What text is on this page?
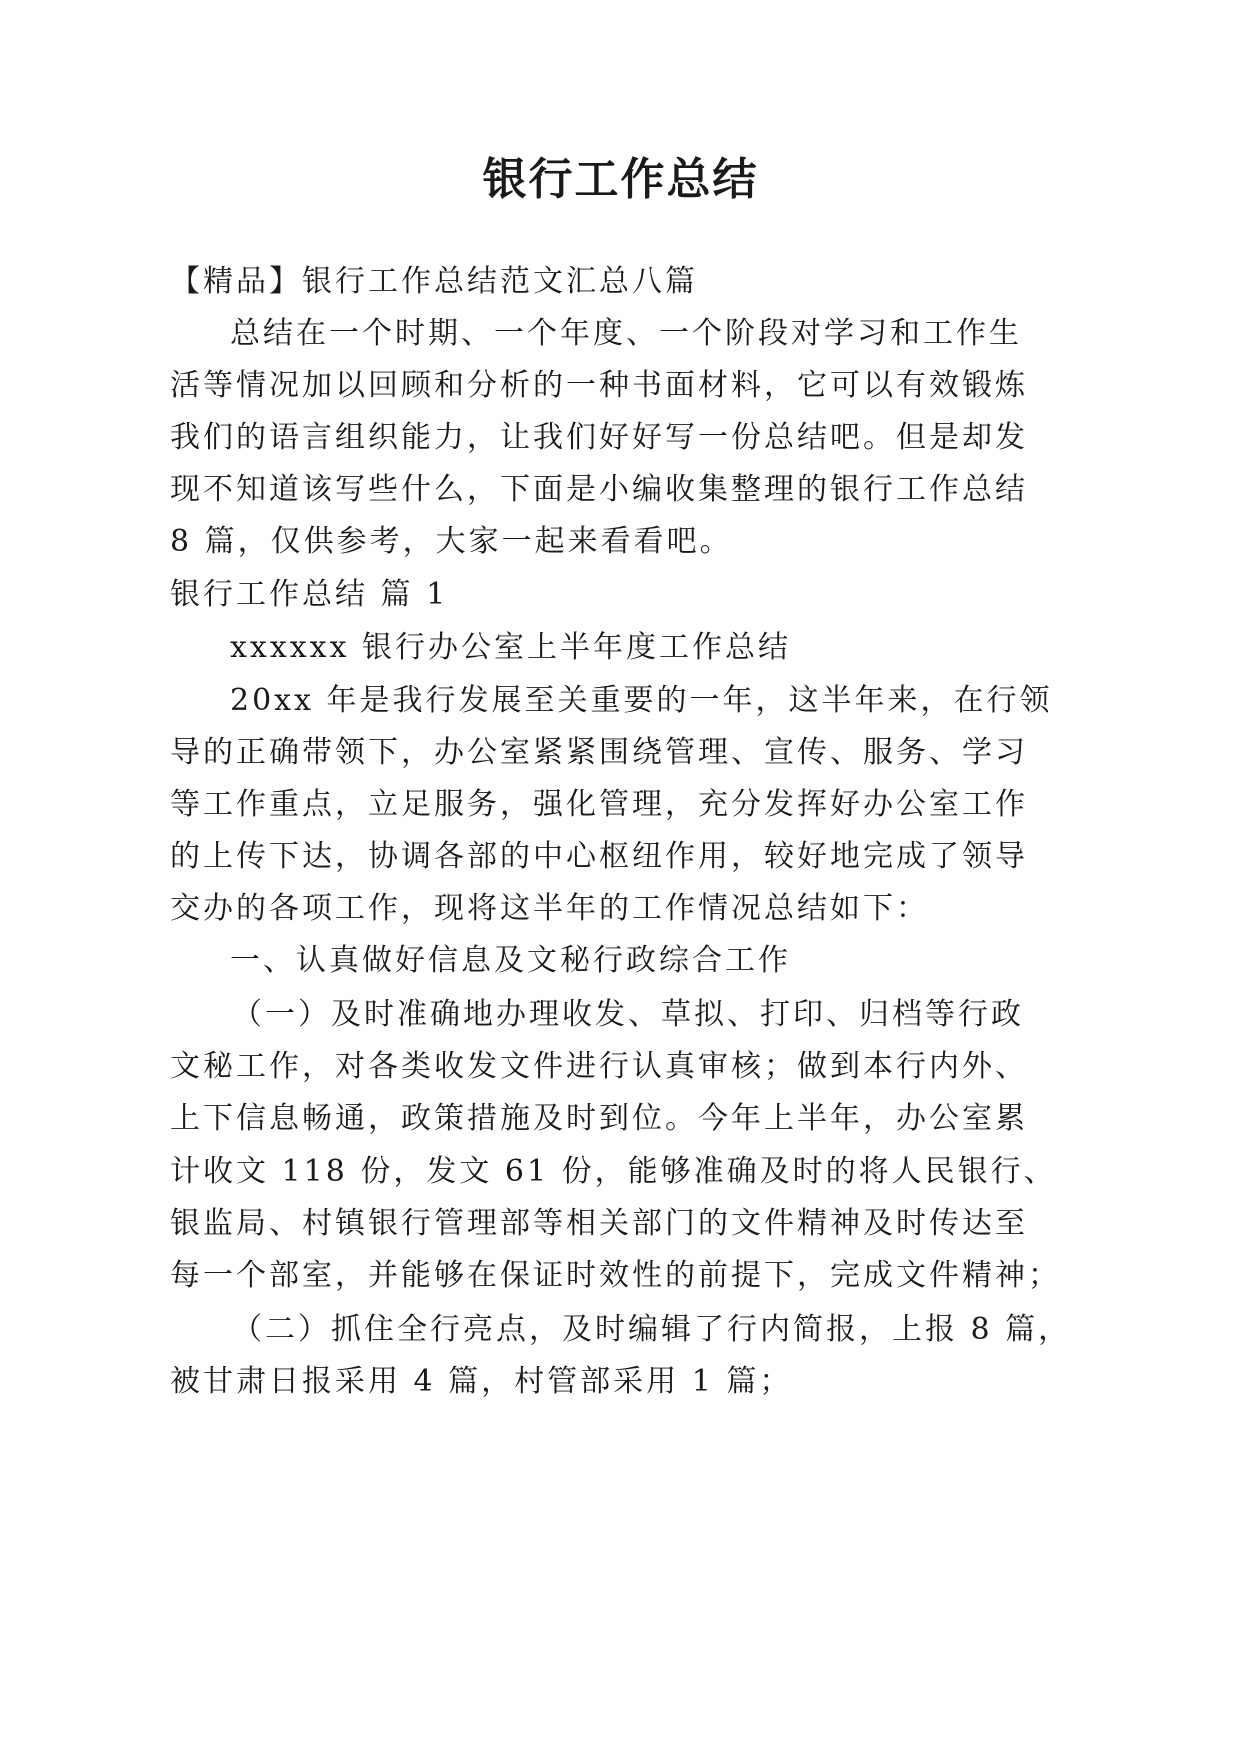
银行工作总结
【精品】银行工作总结范文汇总八篇
总结在一个时期、一个年度、一个阶段对学习和工作生
活等情况加以回顾和分析的一种书面材料，它可以有效锻炼
我们的语言组织能力，让我们好好写一份总结吧。但是却发
现不知道该写些什么，下面是小编收集整理的银行工作总结
8 篇，仅供参考，大家一起来看看吧。
银行工作总结 篇 1
xxxxxx 银行办公室上半年度工作总结
20xx 年是我行发展至关重要的一年，这半年来，在行领
导的正确带领下，办公室紧紧围绕管理、宣传、服务、学习
等工作重点，立足服务，强化管理，充分发挥好办公室工作
的上传下达，协调各部的中心枢纽作用，较好地完成了领导
交办的各项工作，现将这半年的工作情况总结如下：
一、认真做好信息及文秘行政综合工作
（一）及时准确地办理收发、草拟、打印、归档等行政
文秘工作，对各类收发文件进行认真审核；做到本行内外、
上下信息畅通，政策措施及时到位。今年上半年，办公室累
计收文 118 份，发文 61 份，能够准确及时的将人民银行、
银监局、村镇银行管理部等相关部门的文件精神及时传达至
每一个部室，并能够在保证时效性的前提下，完成文件精神；
（二）抓住全行亮点，及时编辑了行内简报，上报 8 篇，
被甘肃日报采用 4 篇，村管部采用 1 篇；
